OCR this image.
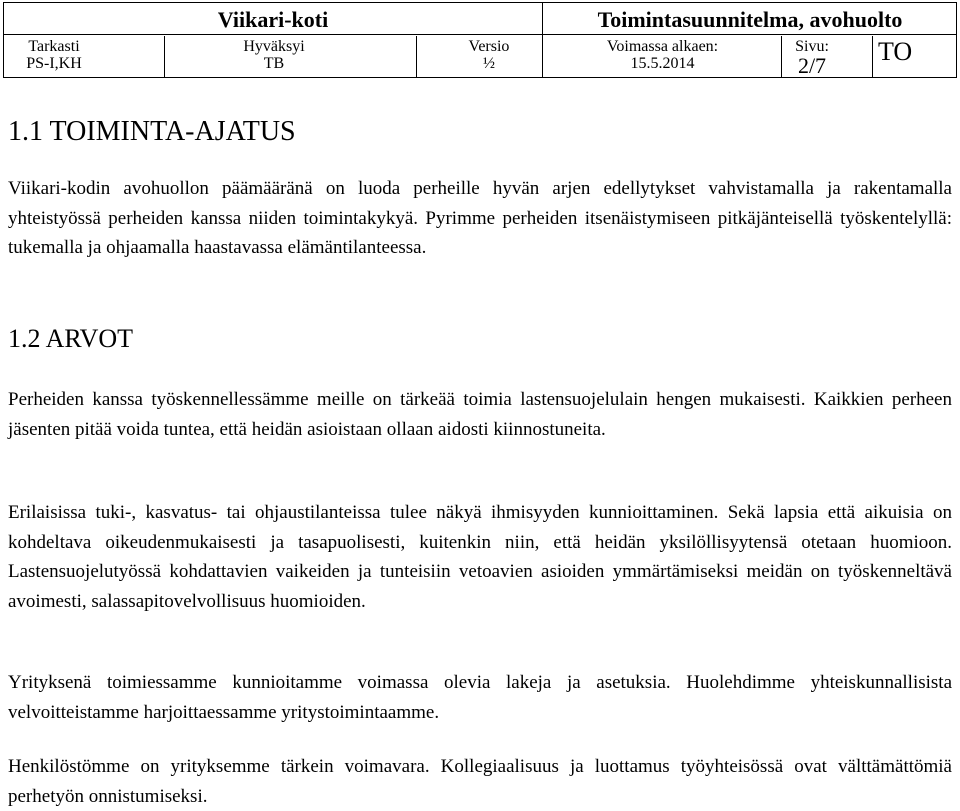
Viikari-koti	Toimintasuunnitelma, avohuolto
Tarkasti
PS-I,KH
Hyväksyi
TB
Versio
½
Voimassa alkaen:
15.5.2014
Sivu:
2/7	TO
1.1 TOIMINTA-AJATUS

Viikari-kodin avohuollon päämääränä on luoda perheille hyvän arjen edellytykset vahvistamalla ja rakentamalla yhteistyössä perheiden kanssa niiden toimintakykyä. Pyrimme perheiden itsenäistymiseen pitkäjänteisellä työskentelyllä: tukemalla ja ohjaamalla haastavassa elämäntilanteessa.

1.2 ARVOT

Perheiden kanssa työskennellessämme meille on tärkeää toimia lastensuojelulain hengen mukaisesti. Kaikkien perheen jäsenten pitää voida tuntea, että heidän asioistaan ollaan aidosti kiinnostuneita.

Erilaisissa tuki-, kasvatus- tai ohjaustilanteissa tulee näkyä ihmisyyden kunnioittaminen. Sekä lapsia että aikuisia on kohdeltava oikeudenmukaisesti ja tasapuolisesti, kuitenkin niin, että heidän yksilöllisyytensä otetaan huomioon. Lastensuojelutyössä kohdattavien vaikeiden ja tunteisiin vetoavien asioiden ymmärtämiseksi meidän on työskenneltävä avoimesti, salassapitovelvollisuus huomioiden.

Yrityksenä toimiessamme kunnioitamme voimassa olevia lakeja ja asetuksia. Huolehdimme yhteiskunnallisista velvoitteistamme harjoittaessamme yritystoimintaamme.

Henkilöstömme on yrityksemme tärkein voimavara. Kollegiaalisuus ja luottamus työyhteisössä ovat välttämättömiä perhetyön onnistumiseksi.
